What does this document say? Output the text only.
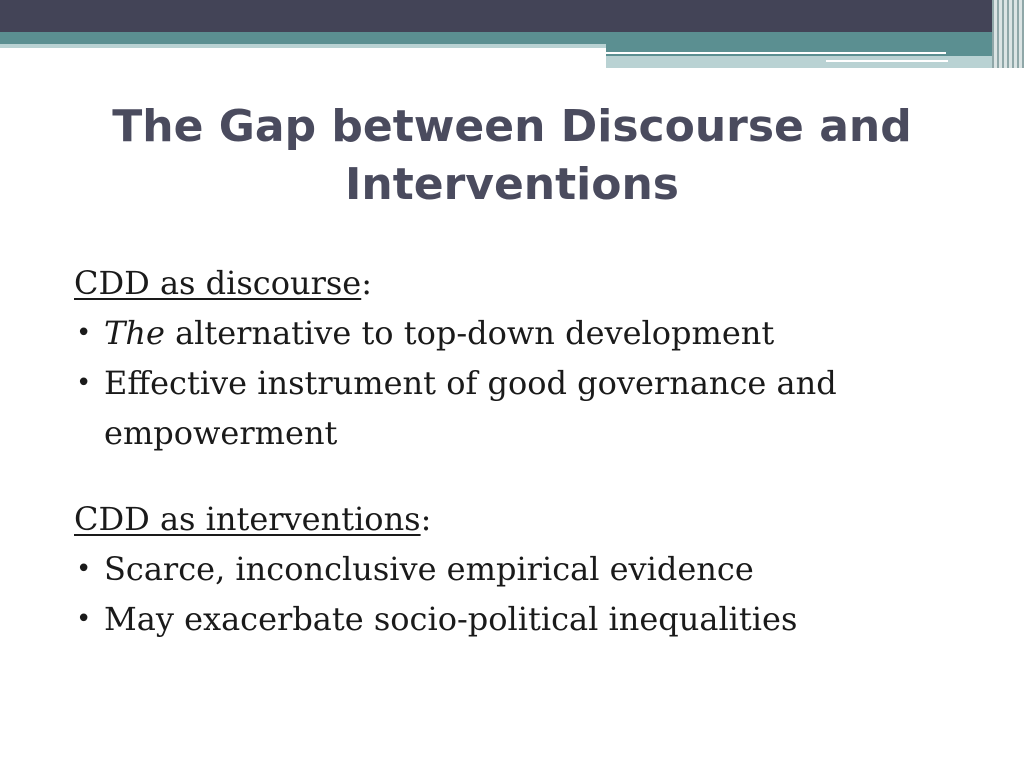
The Gap between Discourse and
Interventions

CDD as discourse:

• The alternative to top-down development
• Effective instrument of good governance and empowerment

CDD as interventions:

• Scarce, inconclusive empirical evidence
• May exacerbate socio-political inequalities
